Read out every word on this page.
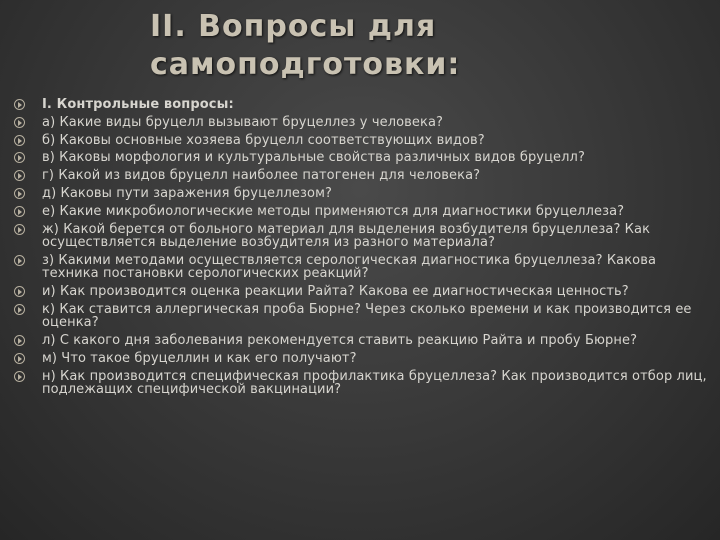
II. Вопросы для
самоподготовки:
I. Контрольные вопросы:
а) Какие виды бруцелл вызывают бруцеллез у человека?
б) Каковы основные хозяева бруцелл соответствующих видов?
в) Каковы морфология и культуральные свойства различных видов бруцелл?
г) Какой из видов бруцелл наиболее патогенен для человека?
д) Каковы пути заражения бруцеллезом?
е) Какие микробиологические методы применяются для диагностики бруцеллеза?
ж) Какой берется от больного материал для выделения возбудителя бруцеллеза? Как осуществляется выделение возбудителя из разного материала?
з) Какими методами осуществляется серологическая диагностика бруцеллеза? Какова техника постановки серологических реакций?
и) Как производится оценка реакции Райта? Какова ее диагностическая ценность?
к) Как ставится аллергическая проба Бюрне? Через сколько времени и как производится ее оценка?
л) С какого дня заболевания рекомендуется ставить реакцию Райта и пробу Бюрне?
м) Что такое бруцеллин и как его получают?
н) Как производится специфическая профилактика бруцеллеза? Как производится отбор лиц, подлежащих специфической вакцинации?
